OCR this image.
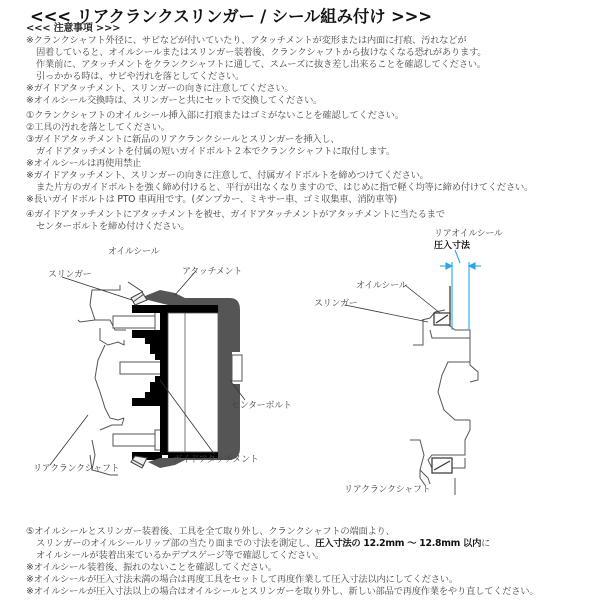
<<< リアクランクスリンガー / シール組み付け >>>
<<< 注意事項 >>>
※クランクシャフト外径に、サビなどが付いていたり、アタッチメントが変形または内面に打痕、汚れなどが
固着していると、オイルシールまたはスリンガー装着後、クランクシャフトから抜けなくなる恐れがあります。
作業前に、アタッチメントをクランクシャフトに通して、スムーズに抜き差し出来ることを確認してください。
引っかかる時は、サビや汚れを落としてください。
※ガイドアタッチメント、スリンガーの向きに注意してください。
※オイルシール交換時は、スリンガーと共にセットで交換してください。
①クランクシャフトのオイルシール挿入部に打痕またはゴミがないことを確認してください。
②工具の汚れを落としてください。
③ガイドアタッチメントに新品のリアクランクシールとスリンガーを挿入し、
ガイドアタッチメントを付属の短いガイドボルト２本でクランクシャフトに取付します。
※オイルシールは再使用禁止
※ガイドアタッチメント、スリンガーの向きに注意して、付属ガイドボルトを締めつけてください。
また片方のガイドボルトを強く締め付けると、平行が出なくなりますので、はじめに指で軽く均等に締め付けてください。
※長いガイドボルトは PTO 車両用です。(ダンプカー、ミキサー車、ゴミ収集車、消防車等)
④ガイドアタッチメントにアタッチメントを被せ、ガイドアタッチメントがアタッチメントに当たるまで
センターボルトを締め付けください。
オイルシール
スリンガー	アタッチメント
センターボルト
ガイドアタッチメント
リアクランクシャフト
リアオイルシール
圧入寸法
オイルシール
スリンガー
リアクランクシャフト
⑤オイルシールとスリンガー装着後、工具を全て取り外し、クランクシャフトの端面より、
スリンガーのオイルシールリップ部の当たり面までの寸法を測定し、圧入寸法の 12.2mm ～ 12.8mm 以内に
オイルシールが装着出来ているかデプスゲージ等で確認してください。
※オイルシール装着後、振れのないことを確認してください。
※オイルシールが圧入寸法未満の場合は再度工具をセットして再度作業して圧入寸法以内にしてください。
※オイルシールが圧入寸法以上の場合はオイルシールとスリンガーを取り外し、新しい部品で再度作業をやり直してください。
